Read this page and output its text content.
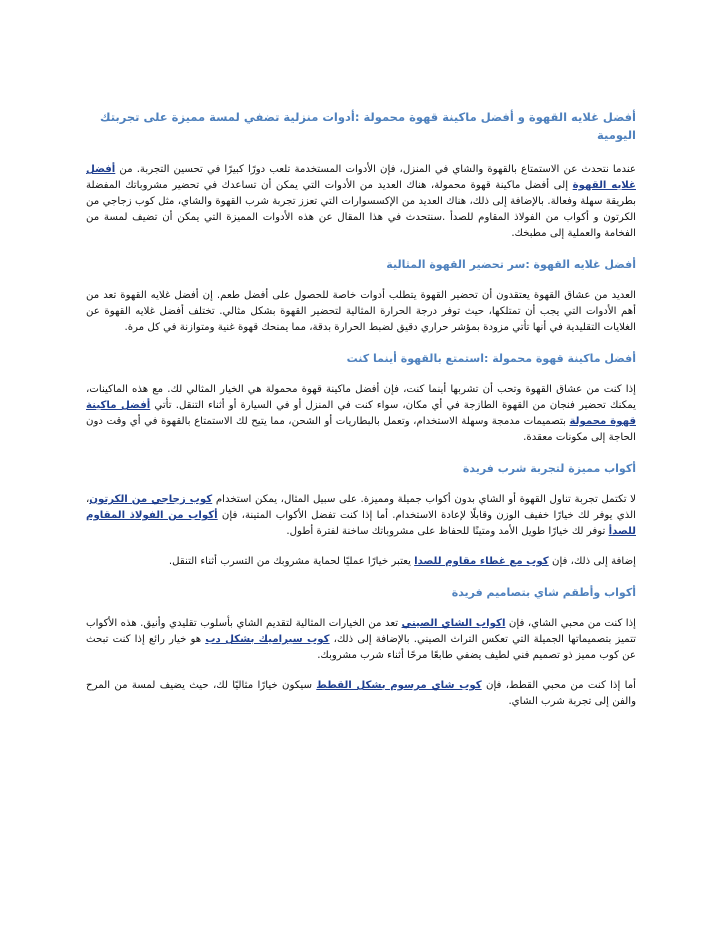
أفضل غلايه القهوة و أفضل ماكينة قهوة محمولة :أدوات منزلية تضفي لمسة مميزة على تجربتك اليومية

عندما نتحدث عن الاستمتاع بالقهوة والشاي في المنزل، فإن الأدوات المستخدمة تلعب دورًا كبيرًا في تحسين التجربة. من أفضل غلايه القهوة إلى أفضل ماكينة قهوة محمولة، هناك العديد من الأدوات التي يمكن أن تساعدك في تحضير مشروباتك المفضلة بطريقة سهلة وفعالة. بالإضافة إلى ذلك، هناك العديد من الإكسسوارات التي تعزز تجربة شرب القهوة والشاي، مثل كوب زجاجي من الكرتون و أكواب من الفولاذ المقاوم للصدأ .سنتحدث في هذا المقال عن هذه الأدوات المميزة التي يمكن أن تضيف لمسة من الفخامة والعملية إلى مطبخك.

أفضل غلايه القهوة :سر تحضير القهوة المثالية

العديد من عشاق القهوة يعتقدون أن تحضير القهوة يتطلب أدوات خاصة للحصول على أفضل طعم. إن أفضل غلايه القهوة تعد من أهم الأدوات التي يجب أن تمتلكها، حيث توفر درجة الحرارة المثالية لتحضير القهوة بشكل مثالي. تختلف أفضل غلايه القهوة عن الغلايات التقليدية في أنها تأتي مزودة بمؤشر حراري دقيق لضبط الحرارة بدقة، مما يمنحك قهوة غنية ومتوازنة في كل مرة.

أفضل ماكينة قهوة محمولة :استمتع بالقهوة أينما كنت

إذا كنت من عشاق القهوة وتحب أن تشربها أينما كنت، فإن أفضل ماكينة قهوة محمولة هي الخيار المثالي لك. مع هذه الماكينات، يمكنك تحضير فنجان من القهوة الطازجة في أي مكان، سواء كنت في المنزل أو في السيارة أو أثناء التنقل. تأتي أفضل ماكينة قهوة محمولة بتصميمات مدمجة وسهلة الاستخدام، وتعمل بالبطاريات أو الشحن، مما يتيح لك الاستمتاع بالقهوة في أي وقت دون الحاجة إلى مكونات معقدة.

أكواب مميزة لتجربة شرب فريدة

لا تكتمل تجربة تناول القهوة أو الشاي بدون أكواب جميلة ومميزة. على سبيل المثال، يمكن استخدام كوب زجاجي من الكرتون، الذي يوفر لك خيارًا خفيف الوزن وقابلًا لإعادة الاستخدام. أما إذا كنت تفضل الأكواب المتينة، فإن أكواب من الفولاذ المقاوم للصدأ توفر لك خيارًا طويل الأمد ومتينًا للحفاظ على مشروباتك ساخنة لفترة أطول.

إضافة إلى ذلك، فإن كوب مع غطاء مقاوم للصدا يعتبر خيارًا عمليًا لحماية مشروبك من التسرب أثناء التنقل.

أكواب وأطقم شاي بتصاميم فريدة

إذا كنت من محبي الشاي، فإن اكواب الشاي الصيني تعد من الخيارات المثالية لتقديم الشاي بأسلوب تقليدي وأنيق. هذه الأكواب تتميز بتصميماتها الجميلة التي تعكس التراث الصيني. بالإضافة إلى ذلك، كوب سيراميك بشكل دب هو خيار رائع إذا كنت تبحث عن كوب مميز ذو تصميم فني لطيف يضفي طابعًا مرحًا أثناء شرب مشروبك.

أما إذا كنت من محبي القطط، فإن كوب شاي مرسوم بشكل القطط سيكون خيارًا مثاليًا لك، حيث يضيف لمسة من المرح والفن إلى تجربة شرب الشاي.
